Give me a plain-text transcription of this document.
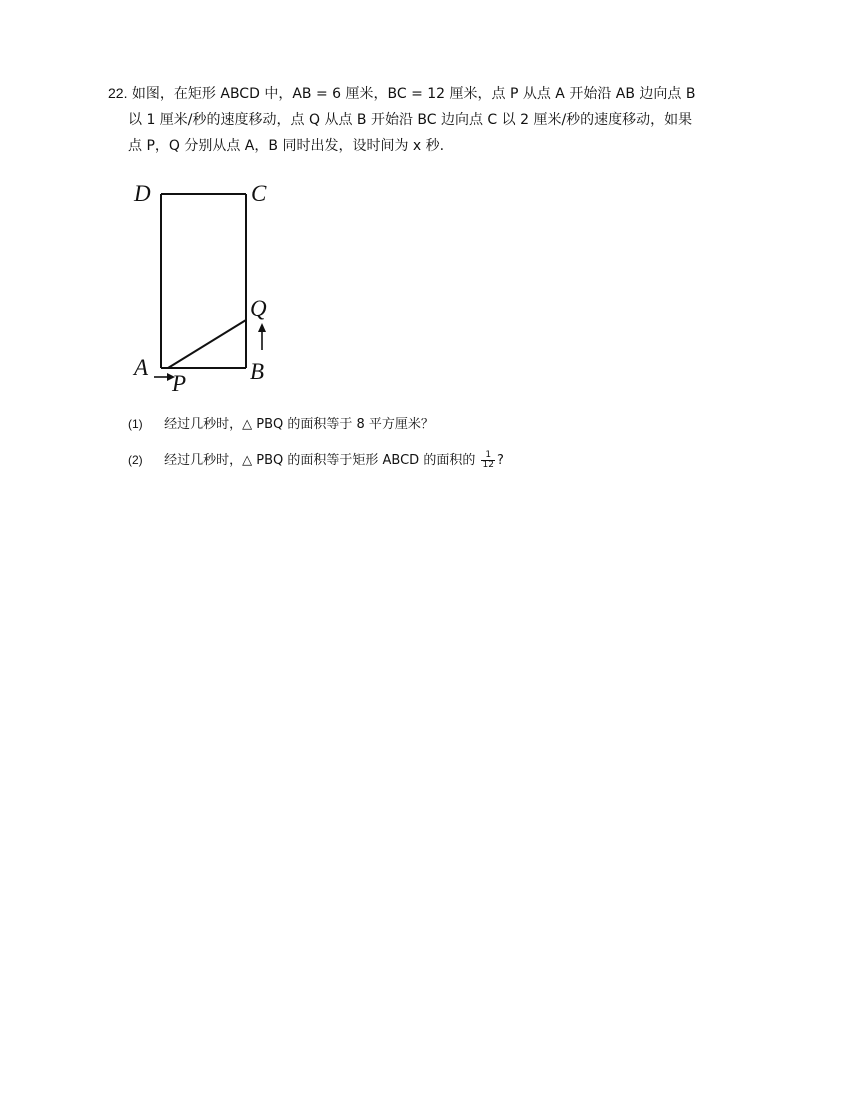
22. 如图，在矩形 ABCD 中，AB = 6 厘米，BC = 12 厘米，点 P 从点 A 开始沿 AB 边向点 B
以 1 厘米/秒的速度移动，点 Q 从点 B 开始沿 BC 边向点 C 以 2 厘米/秒的速度移动，如果
点 P，Q 分别从点 A，B 同时出发，设时间为 x 秒.
D	C
Q
A
P	B
(1) 经过几秒时，△ PBQ 的面积等于 8 平方厘米？
(2) 经过几秒时，△ PBQ 的面积等于矩形 ABCD 的面积的 $\frac{1}{12}$ ?
